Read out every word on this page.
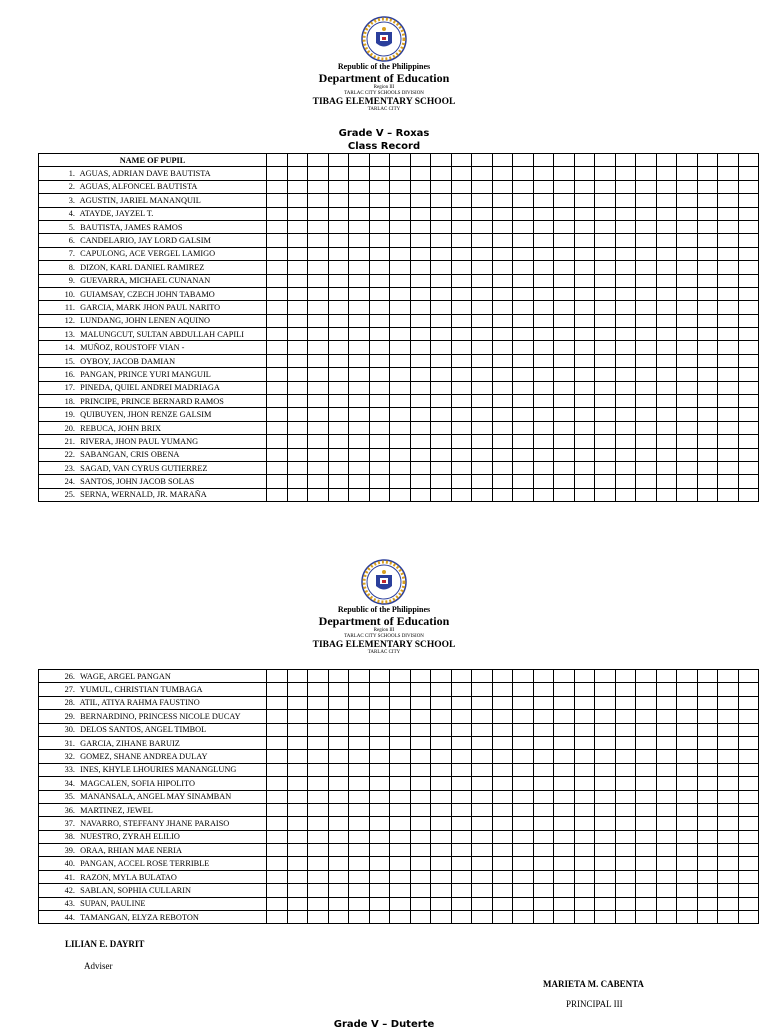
Republic of the Philippines
Department of Education
Region III
TARLAC CITY SCHOOLS DIVISION
TIBAG ELEMENTARY SCHOOL
TARLAC CITY
Grade V – Roxas
Class Record
NAME OF PUPIL																								
1. AGUAS, ADRIAN DAVE BAUTISTA																								
2. AGUAS, ALFONCEL BAUTISTA																								
3. AGUSTIN, JARIEL MANANQUIL																								
4. ATAYDE, JAYZEL T.																								
5. BAUTISTA, JAMES RAMOS																								
6. CANDELARIO, JAY LORD GALSIM																								
7. CAPULONG, ACE VERGEL LAMIGO																								
8. DIZON, KARL DANIEL RAMIREZ																								
9. GUEVARRA, MICHAEL CUNANAN																								
10. GUIAMSAY, CZECH JOHN TABAMO																								
11. GARCIA, MARK JHON PAUL NARITO																								
12. LUNDANG, JOHN LENEN AQUINO																								
13. MALUNGCUT, SULTAN ABDULLAH CAPILI																								
14. MUÑOZ, ROUSTOFF VIAN -																								
15. OYBOY, JACOB DAMIAN																								
16. PANGAN, PRINCE YURI MANGUIL																								
17. PINEDA, QUIEL ANDREI MADRIAGA																								
18. PRINCIPE, PRINCE BERNARD RAMOS																								
19. QUIBUYEN, JHON RENZE GALSIM																								
20. REBUCA, JOHN BRIX																								
21. RIVERA, JHON PAUL YUMANG																								
22. SABANGAN, CRIS OBENA																								
23. SAGAD, VAN CYRUS GUTIERREZ																								
24. SANTOS, JOHN JACOB SOLAS																								
25. SERNA, WERNALD, JR. MARAÑA																								
Republic of the Philippines
Department of Education
Region III
TARLAC CITY SCHOOLS DIVISION
TIBAG ELEMENTARY SCHOOL
TARLAC CITY
26. WAGE, ARGEL PANGAN																								
27. YUMUL, CHRISTIAN TUMBAGA																								
28. ATIL, ATIYA RAHMA FAUSTINO																								
29. BERNARDINO, PRINCESS NICOLE DUCAY																								
30. DELOS SANTOS, ANGEL TIMBOL																								
31. GARCIA, ZIHANE BARUIZ																								
32. GOMEZ, SHANE ANDREA DULAY																								
33. INES, KHYLE LHOURIES MANANGLUNG																								
34. MAGCALEN, SOFIA HIPOLITO																								
35. MANANSALA, ANGEL MAY SINAMBAN																								
36. MARTINEZ, JEWEL																								
37. NAVARRO, STEFFANY JHANE PARAISO																								
38. NUESTRO, ZYRAH ELILIO																								
39. ORAA, RHIAN MAE NERIA																								
40. PANGAN, ACCEL ROSE TERRIBLE																								
41. RAZON, MYLA BULATAO																								
42. SABLAN, SOPHIA CULLARIN																								
43. SUPAN, PAULINE																								
44. TAMANGAN, ELYZA REBOTON																								
LILIAN E. DAYRIT
Adviser
MARIETA M. CABENTA
PRINCIPAL III
Grade V – Duterte
